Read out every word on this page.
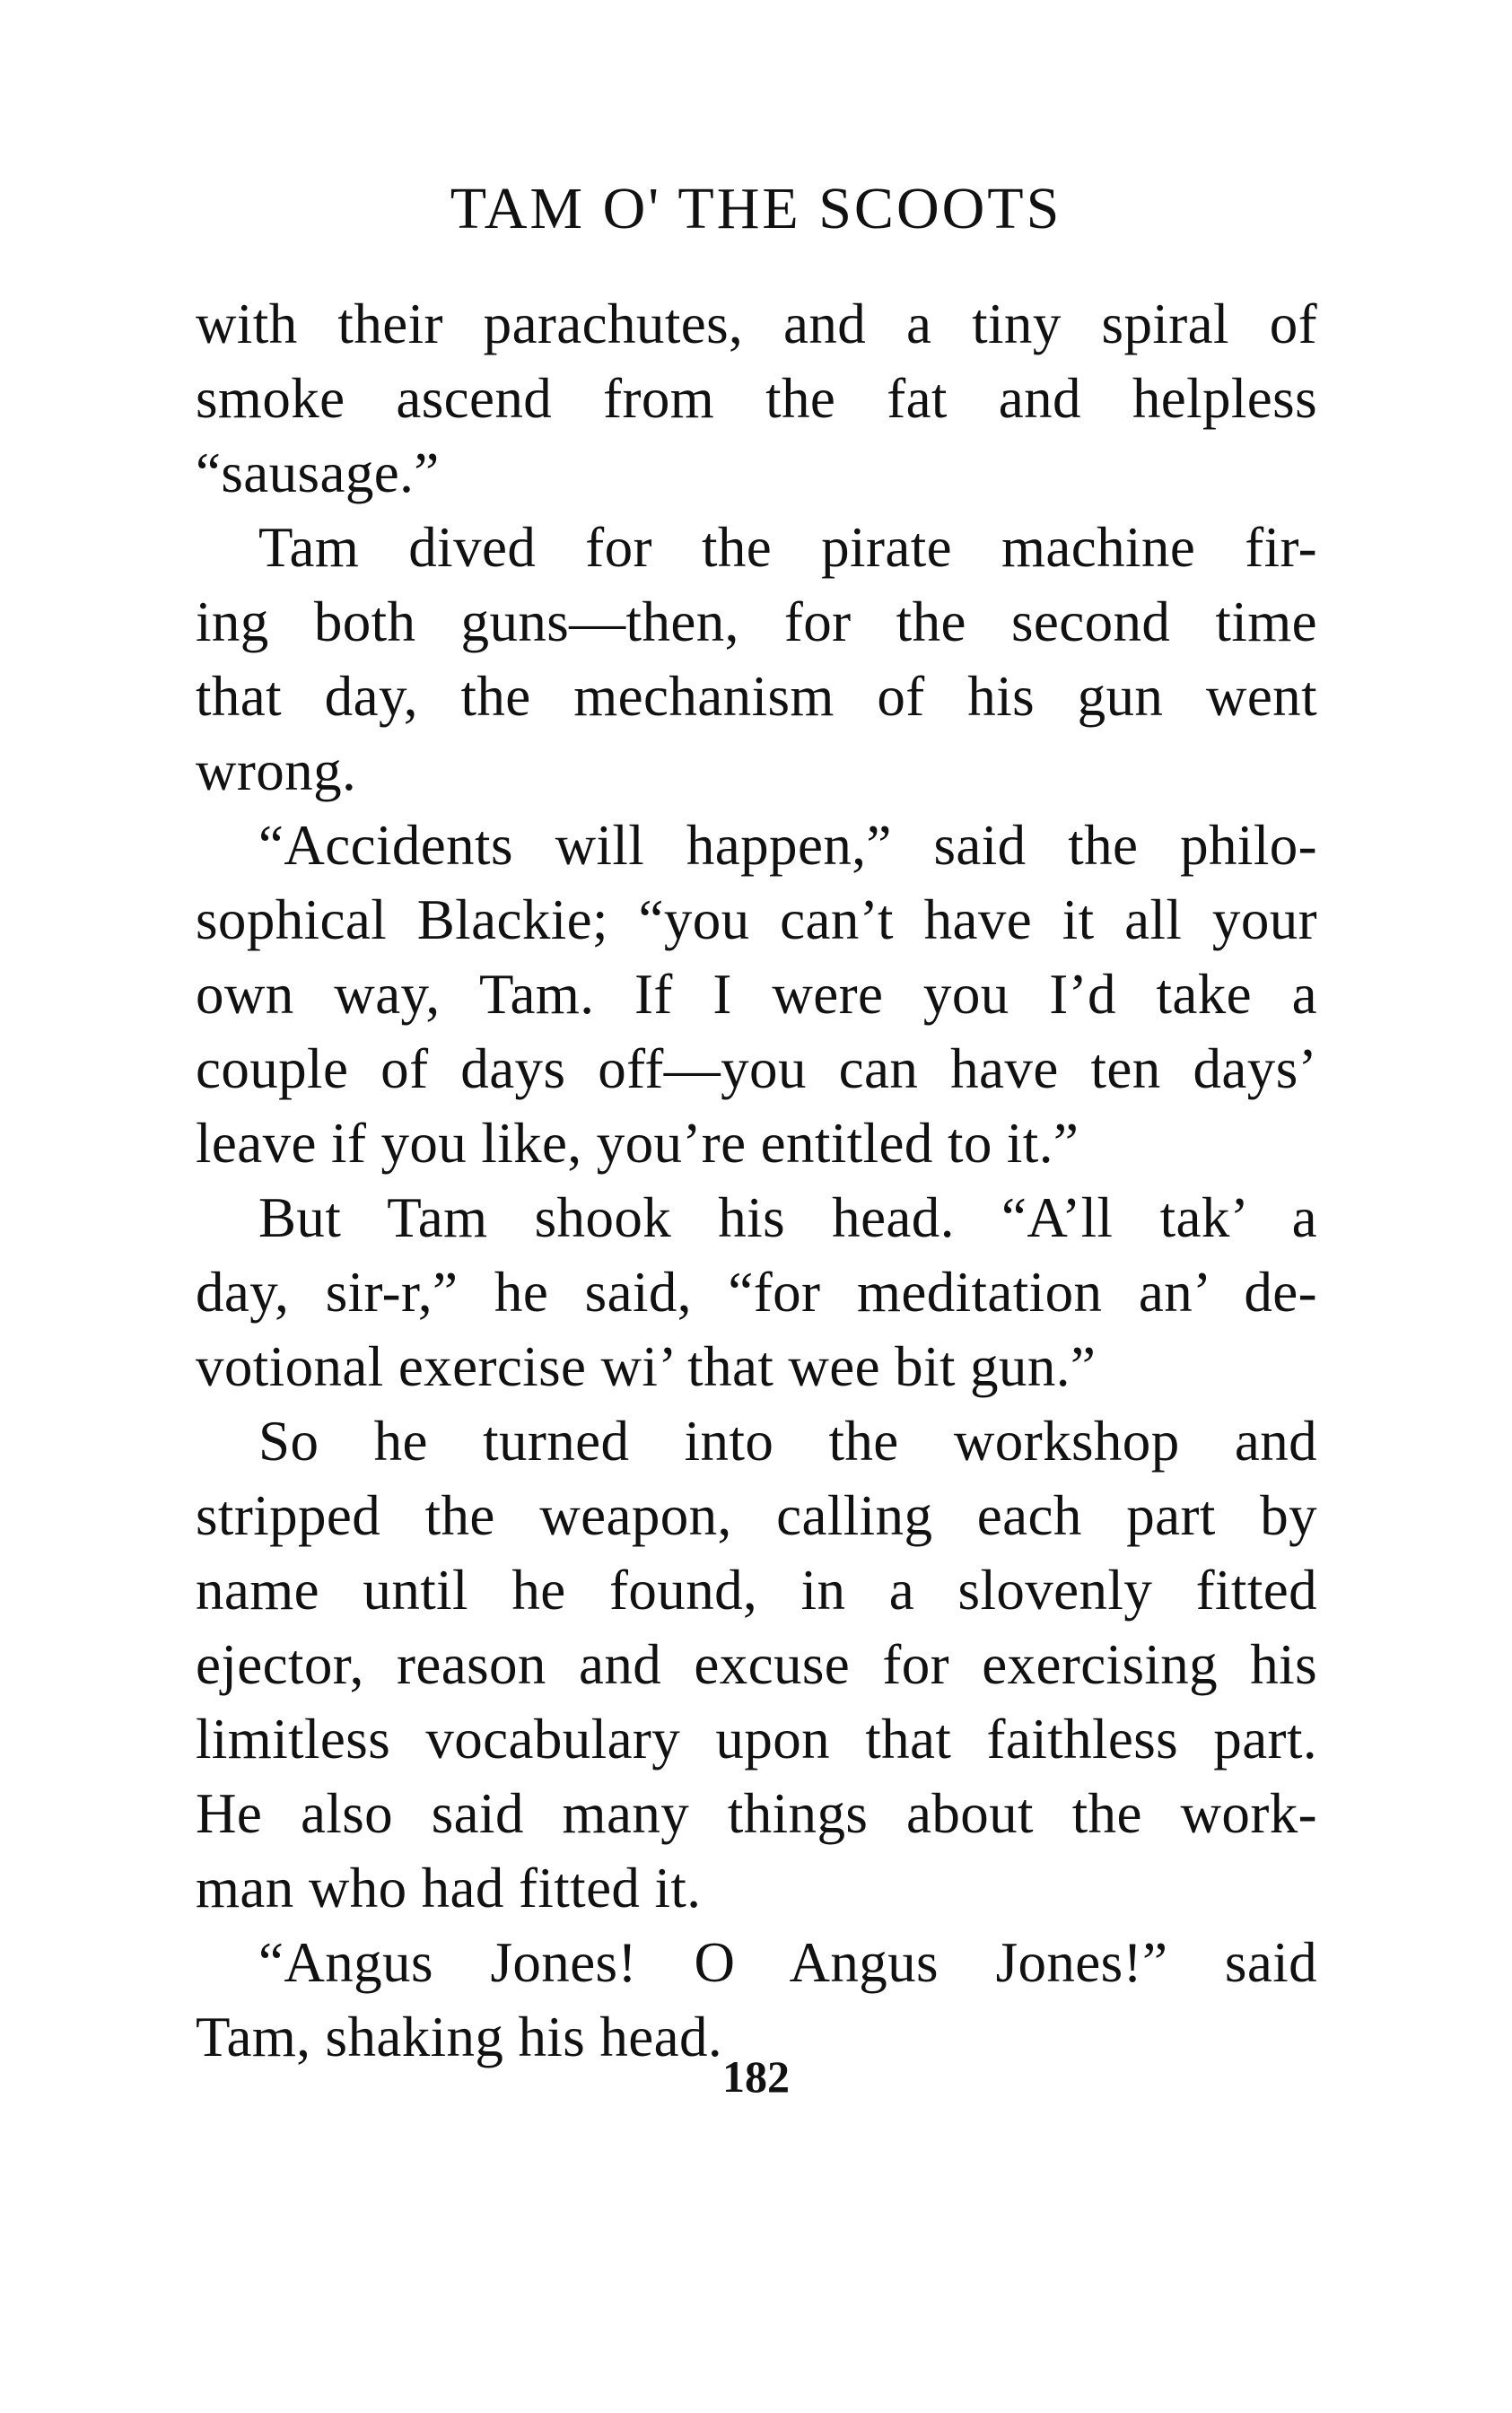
TAM O' THE SCOOTS
with their parachutes, and a tiny spiral of
smoke ascend from the fat and helpless
“sausage.”
Tam dived for the pirate machine fir-
ing both guns—then, for the second time
that day, the mechanism of his gun went
wrong.
“Accidents will happen,” said the philo-
sophical Blackie; “you can’t have it all your
own way, Tam. If I were you I’d take a
couple of days off—you can have ten days’
leave if you like, you’re entitled to it.”
But Tam shook his head. “A’ll tak’ a
day, sir-r,” he said, “for meditation an’ de-
votional exercise wi’ that wee bit gun.”
So he turned into the workshop and
stripped the weapon, calling each part by
name until he found, in a slovenly fitted
ejector, reason and excuse for exercising his
limitless vocabulary upon that faithless part.
He also said many things about the work-
man who had fitted it.
“Angus Jones! O Angus Jones!” said
Tam, shaking his head.
182
